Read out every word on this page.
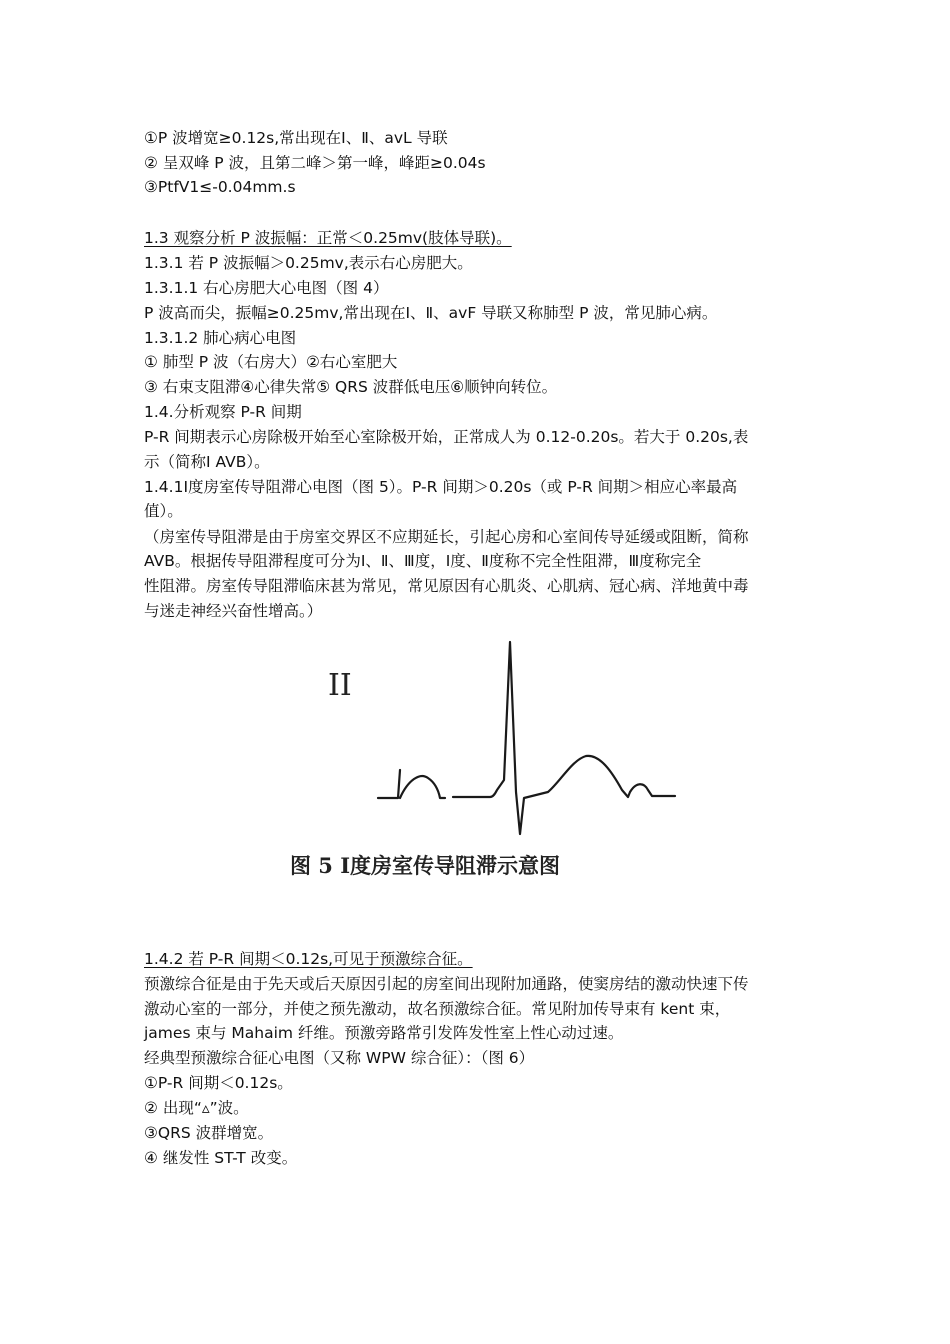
①P 波增宽≥0.12s,常出现在Ⅰ、Ⅱ、avL 导联
② 呈双峰 P 波，且第二峰＞第一峰，峰距≥0.04s
③PtfV1≤-0.04mm.s
1.3 观察分析 P 波振幅：正常＜0.25mv(肢体导联)。
1.3.1 若 P 波振幅＞0.25mv,表示右心房肥大。
1.3.1.1 右心房肥大心电图（图 4）
P 波高而尖，振幅≥0.25mv,常出现在Ⅰ、Ⅱ、avF 导联又称肺型 P 波，常见肺心病。
1.3.1.2 肺心病心电图
① 肺型 P 波（右房大）②右心室肥大
③ 右束支阻滞④心律失常⑤ QRS 波群低电压⑥顺钟向转位。
1.4.分析观察 P-R 间期
P-R 间期表示心房除极开始至心室除极开始，正常成人为 0.12-0.20s。若大于 0.20s,表
示（简称Ⅰ AVB）。
1.4.1Ⅰ度房室传导阻滞心电图（图 5）。P-R 间期＞0.20s（或 P-R 间期＞相应心率最高
值）。
（房室传导阻滞是由于房室交界区不应期延长，引起心房和心室间传导延缓或阻断，简称
AVB。根据传导阻滞程度可分为Ⅰ、Ⅱ、Ⅲ度，Ⅰ度、Ⅱ度称不完全性阻滞，Ⅲ度称完全
性阻滞。房室传导阻滞临床甚为常见，常见原因有心肌炎、心肌病、冠心病、洋地黄中毒
与迷走神经兴奋性增高。）
II
图 5 Ⅰ度房室传导阻滞示意图
1.4.2 若 P-R 间期＜0.12s,可见于预激综合征。
预激综合征是由于先天或后天原因引起的房室间出现附加通路，使窦房结的激动快速下传
激动心室的一部分，并使之预先激动，故名预激综合征。常见附加传导束有 kent 束，
james 束与 Mahaim 纤维。预激旁路常引发阵发性室上性心动过速。
经典型预激综合征心电图（又称 WPW 综合征）：（图 6）
①P-R 间期＜0.12s。
② 出现“▵”波。
③QRS 波群增宽。
④ 继发性 ST-T 改变。
